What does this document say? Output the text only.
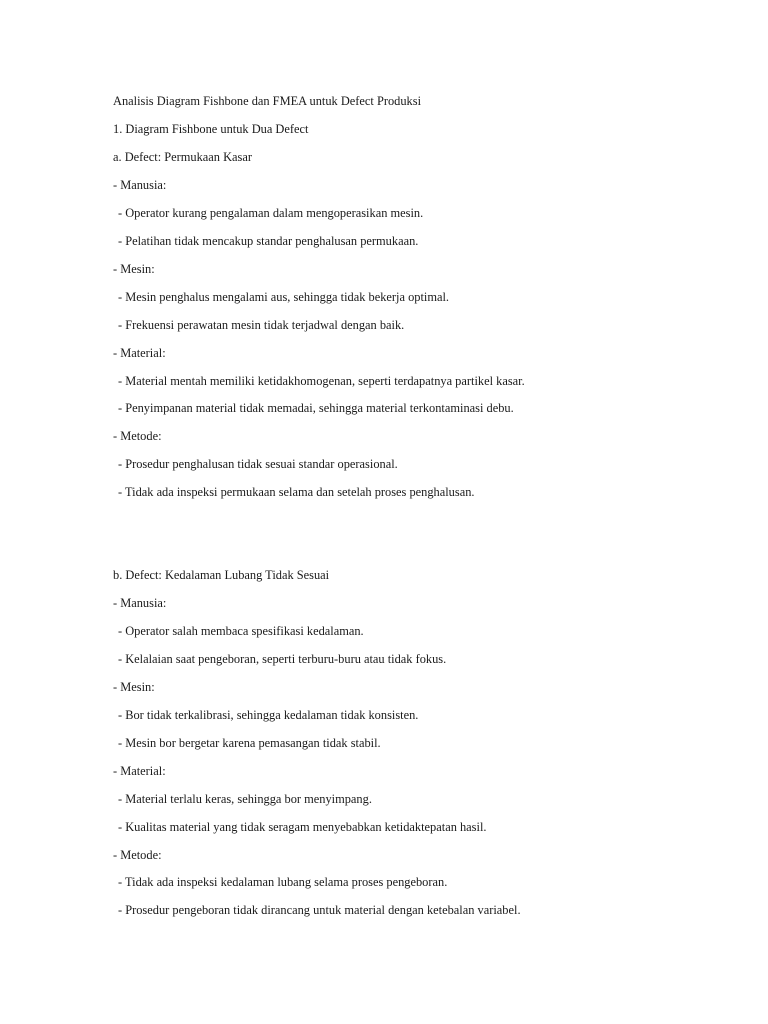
Analisis Diagram Fishbone dan FMEA untuk Defect Produksi
1. Diagram Fishbone untuk Dua Defect
a. Defect: Permukaan Kasar
- Manusia:
- Operator kurang pengalaman dalam mengoperasikan mesin.
- Pelatihan tidak mencakup standar penghalusan permukaan.
- Mesin:
- Mesin penghalus mengalami aus, sehingga tidak bekerja optimal.
- Frekuensi perawatan mesin tidak terjadwal dengan baik.
- Material:
- Material mentah memiliki ketidakhomogenan, seperti terdapatnya partikel kasar.
- Penyimpanan material tidak memadai, sehingga material terkontaminasi debu.
- Metode:
- Prosedur penghalusan tidak sesuai standar operasional.
- Tidak ada inspeksi permukaan selama dan setelah proses penghalusan.
b. Defect: Kedalaman Lubang Tidak Sesuai
- Manusia:
- Operator salah membaca spesifikasi kedalaman.
- Kelalaian saat pengeboran, seperti terburu-buru atau tidak fokus.
- Mesin:
- Bor tidak terkalibrasi, sehingga kedalaman tidak konsisten.
- Mesin bor bergetar karena pemasangan tidak stabil.
- Material:
- Material terlalu keras, sehingga bor menyimpang.
- Kualitas material yang tidak seragam menyebabkan ketidaktepatan hasil.
- Metode:
- Tidak ada inspeksi kedalaman lubang selama proses pengeboran.
- Prosedur pengeboran tidak dirancang untuk material dengan ketebalan variabel.
